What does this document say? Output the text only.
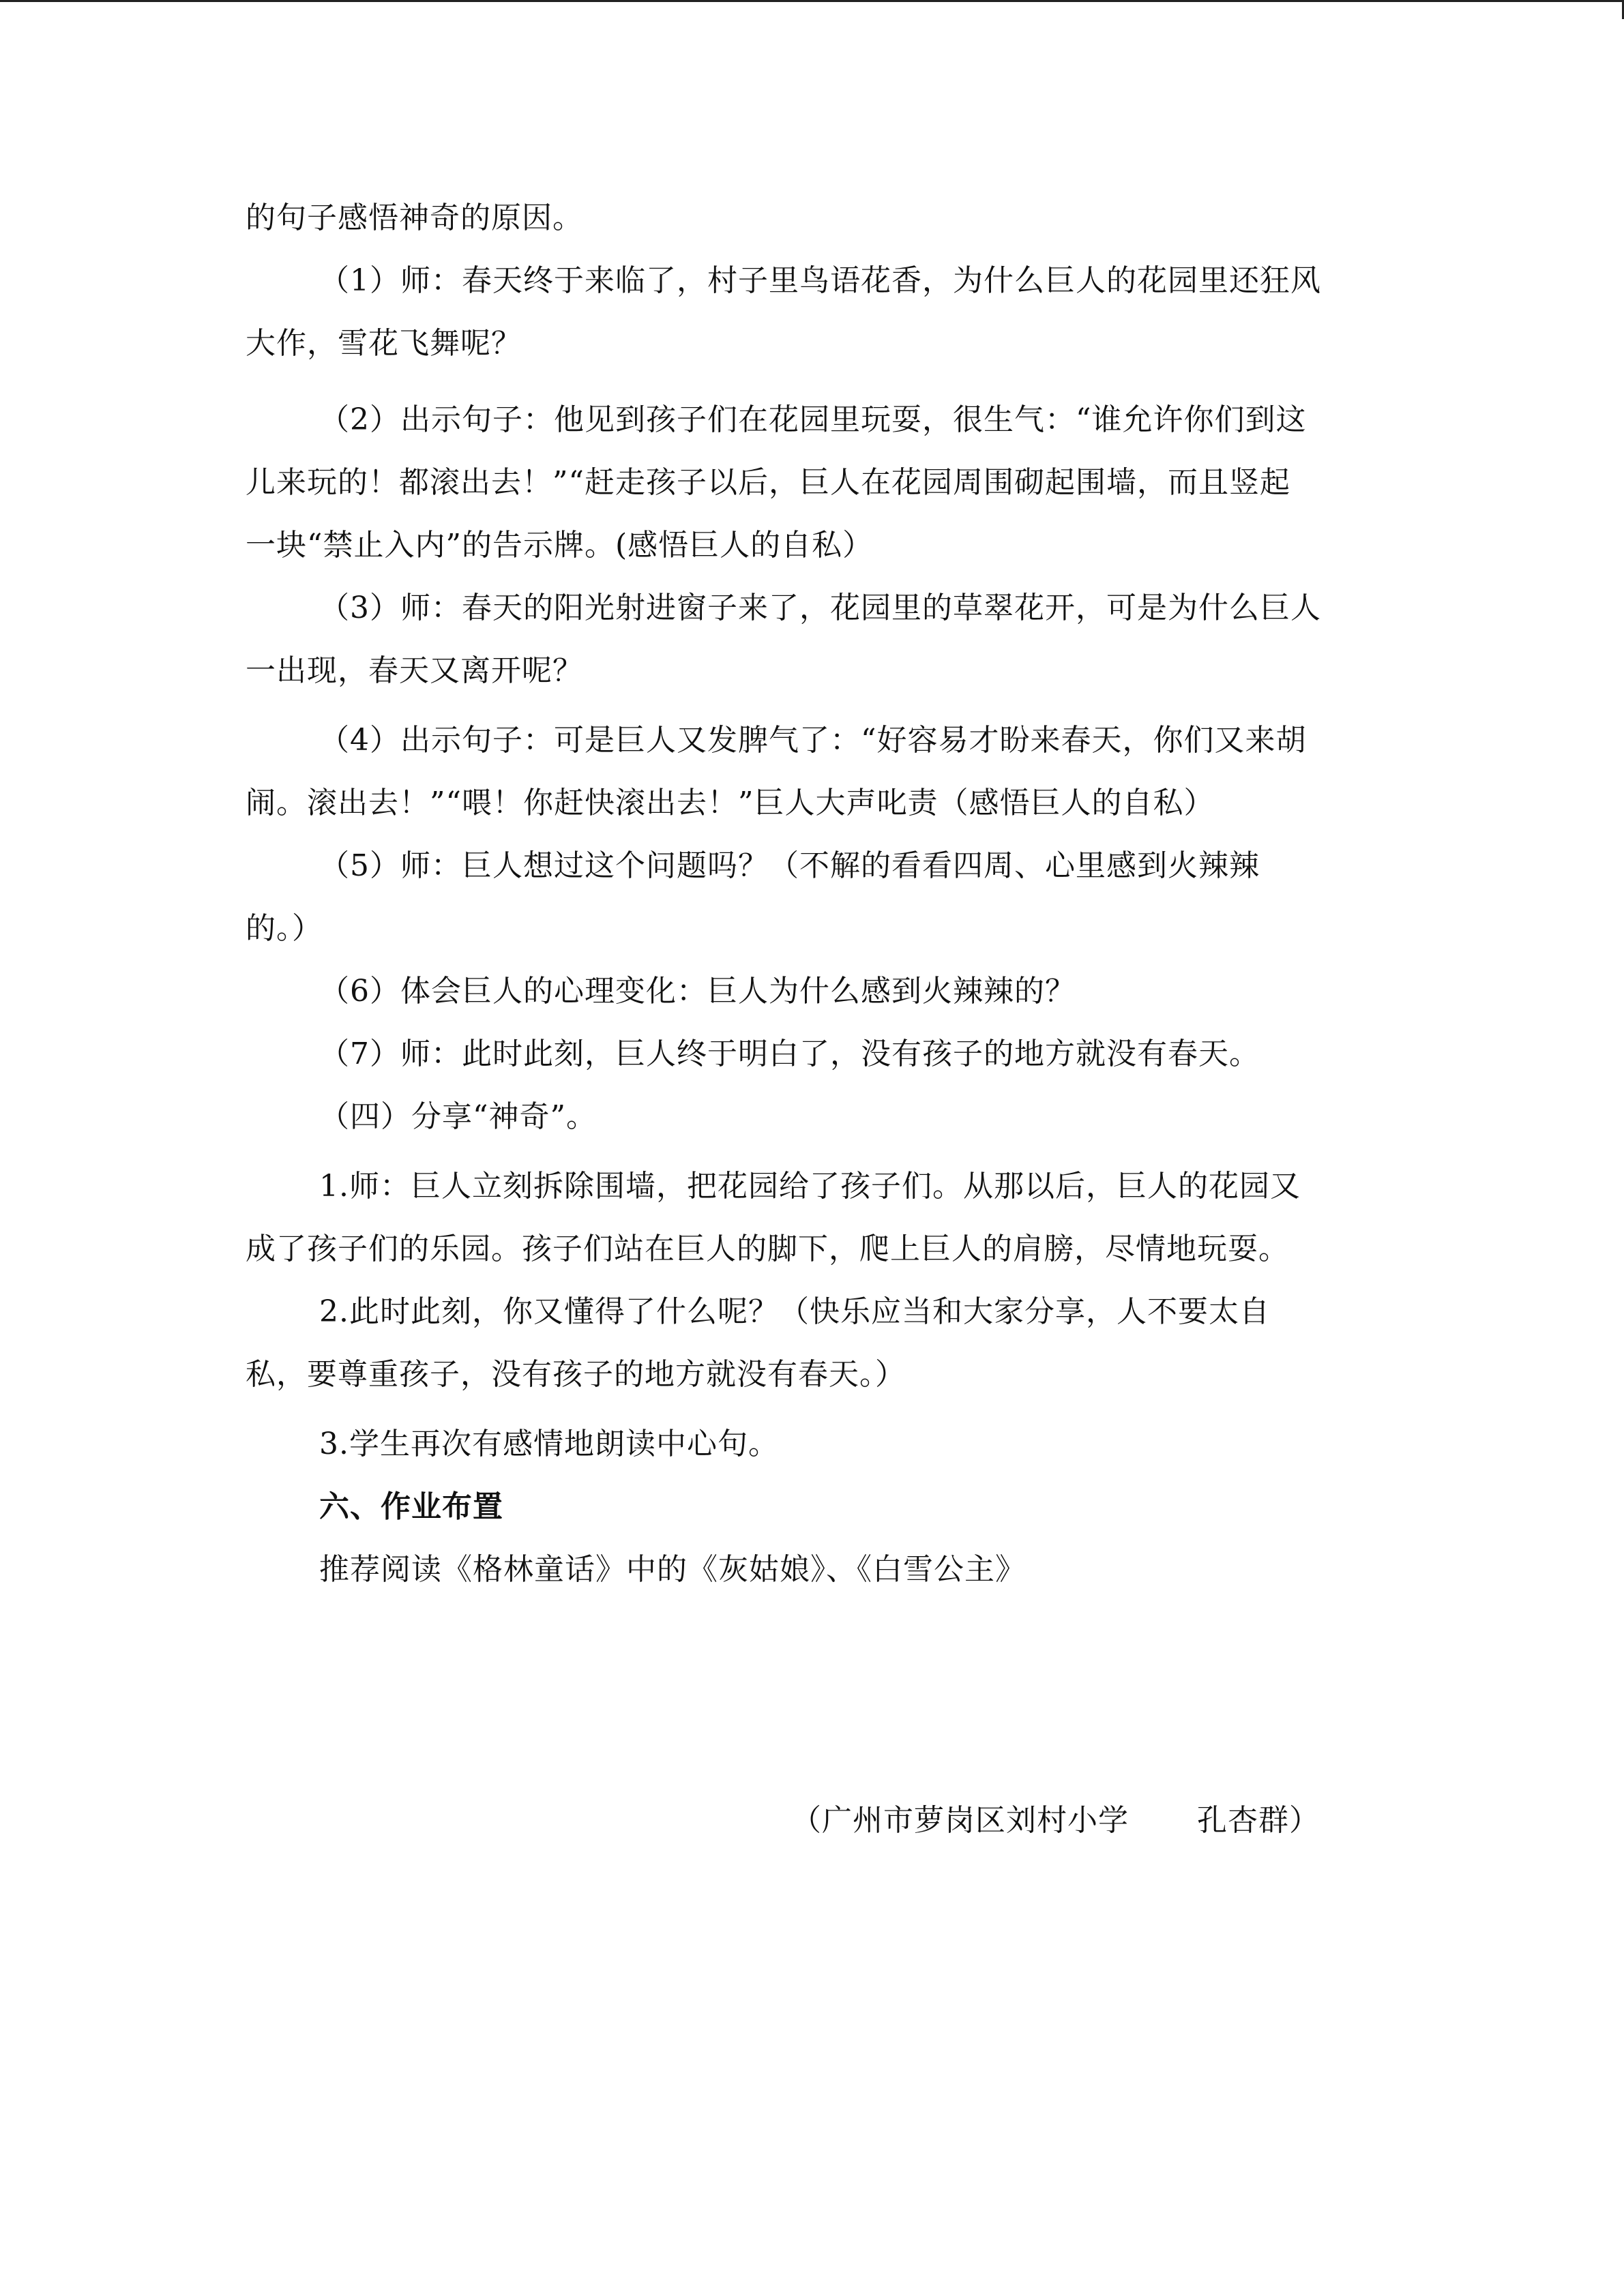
的句子感悟神奇的原因。
（1）师：春天终于来临了，村子里鸟语花香，为什么巨人的花园里还狂风
大作，雪花飞舞呢？
（2）出示句子：他见到孩子们在花园里玩耍，很生气：“谁允许你们到这
儿来玩的！都滚出去！”“赶走孩子以后，巨人在花园周围砌起围墙，而且竖起
一块“禁止入内”的告示牌。(感悟巨人的自私）
（3）师：春天的阳光射进窗子来了，花园里的草翠花开，可是为什么巨人
一出现，春天又离开呢？
（4）出示句子：可是巨人又发脾气了：“好容易才盼来春天，你们又来胡
闹。滚出去！”“喂！你赶快滚出去！”巨人大声叱责（感悟巨人的自私）
（5）师：巨人想过这个问题吗？（不解的看看四周、心里感到火辣辣
的。）
（6）体会巨人的心理变化：巨人为什么感到火辣辣的？
（7）师：此时此刻，巨人终于明白了，没有孩子的地方就没有春天。
（四）分享“神奇”。
1.师：巨人立刻拆除围墙，把花园给了孩子们。从那以后，巨人的花园又
成了孩子们的乐园。孩子们站在巨人的脚下，爬上巨人的肩膀，尽情地玩耍。
2.此时此刻，你又懂得了什么呢？（快乐应当和大家分享，人不要太自
私，要尊重孩子，没有孩子的地方就没有春天。）
3.学生再次有感情地朗读中心句。
六、作业布置
推荐阅读《格林童话》中的《灰姑娘》、《白雪公主》
（广州市萝岗区刘村小学 孔杏群）
